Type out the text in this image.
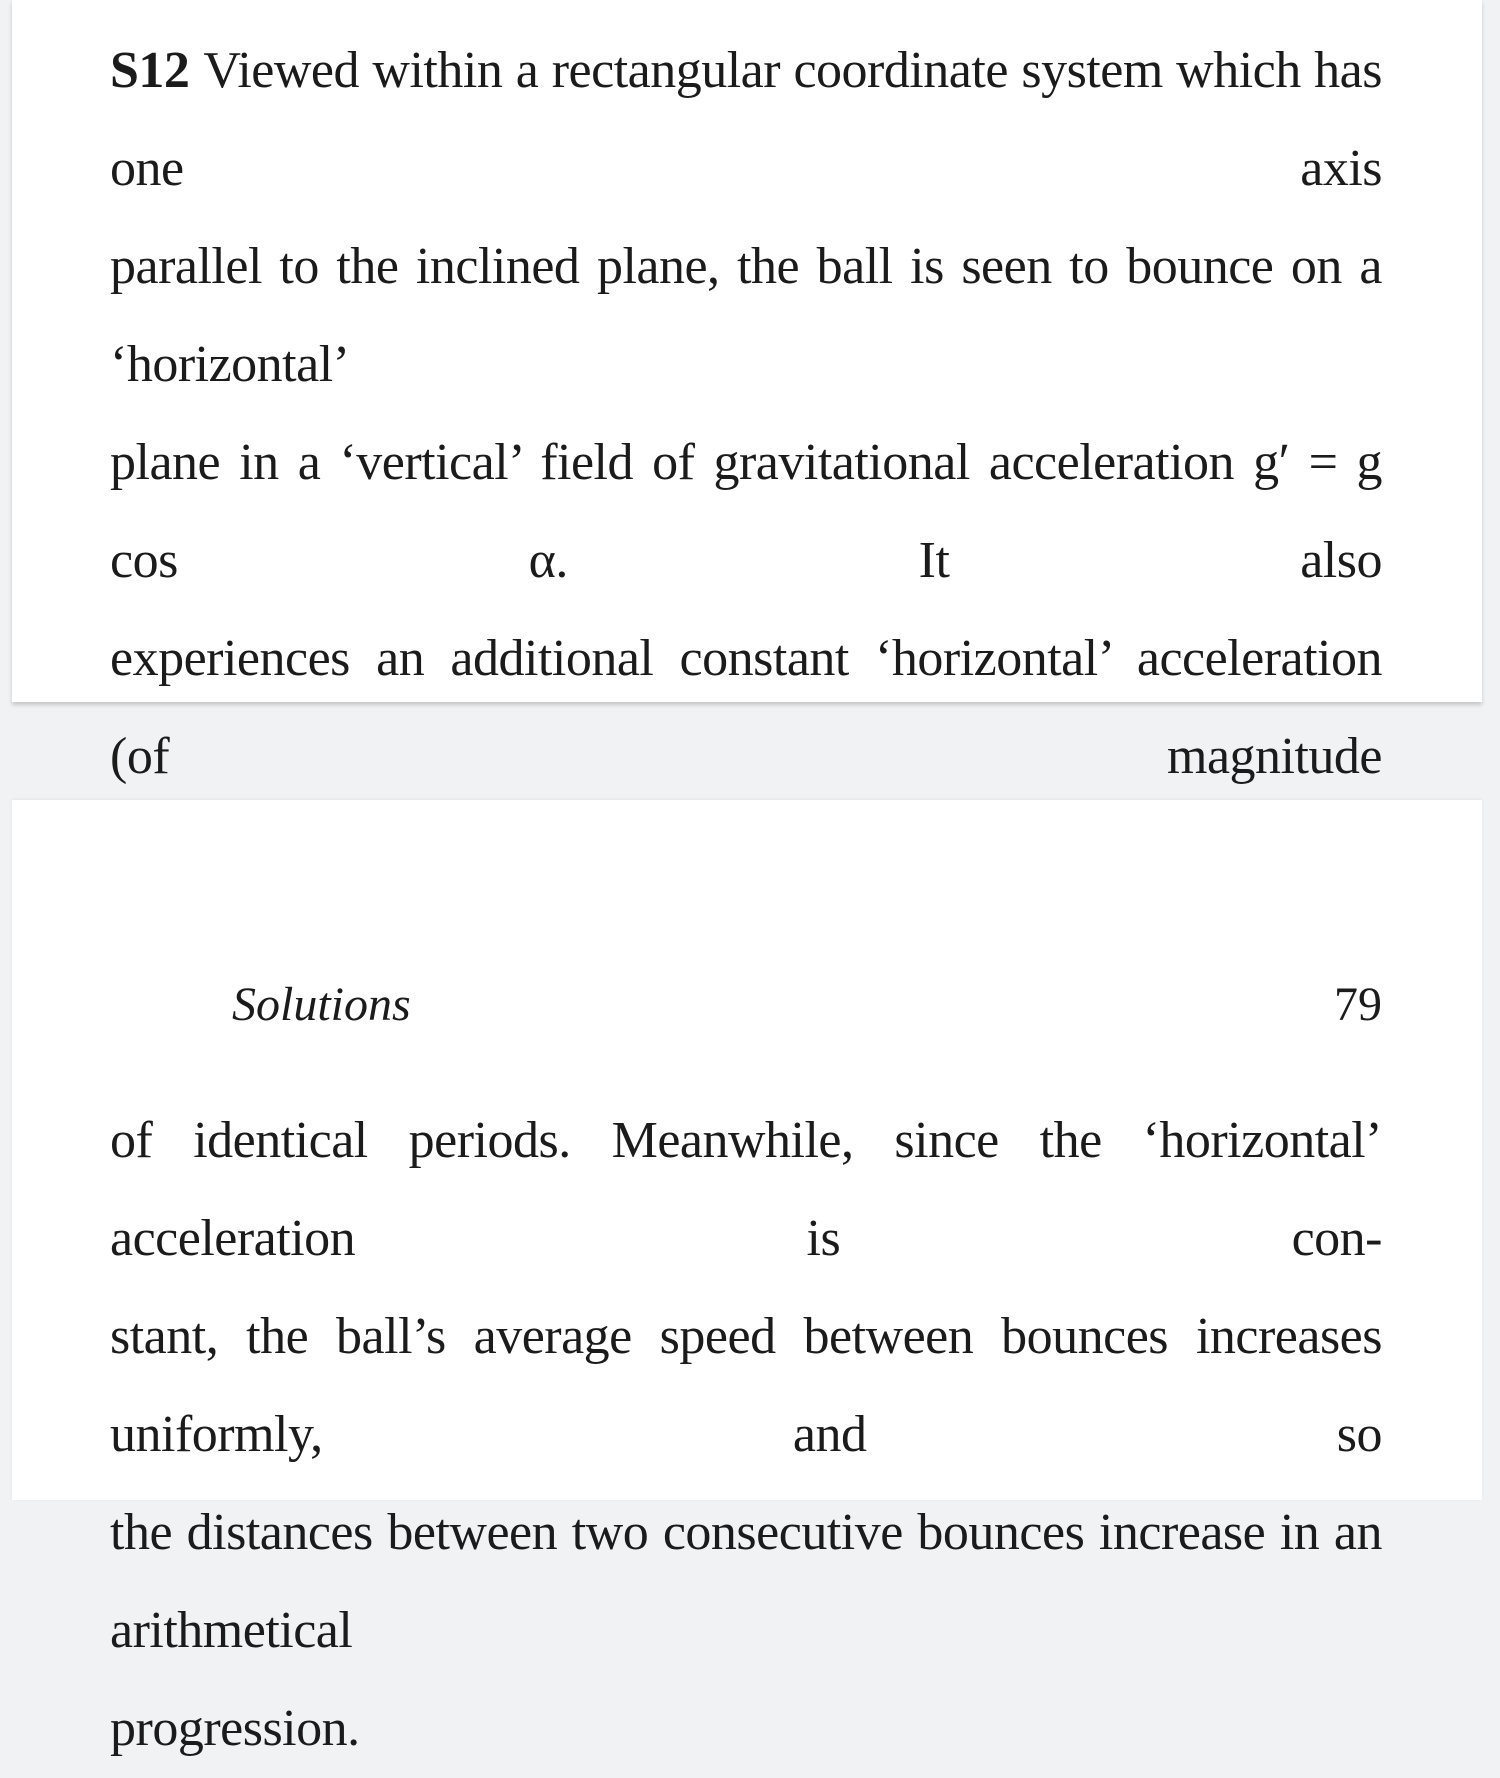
S12 Viewed within a rectangular coordinate system which has one axis

parallel to the inclined plane, the ball is seen to bounce on a ‘horizontal’

plane in a ‘vertical’ field of gravitational acceleration g′ = g cos α. It also

experiences an additional constant ‘horizontal’ acceleration (of magnitude

Solutions	79

of identical periods. Meanwhile, since the ‘horizontal’ acceleration is con-

stant, the ball’s average speed between bounces increases uniformly, and so

the distances between two consecutive bounces increase in an arithmetical

progression.
